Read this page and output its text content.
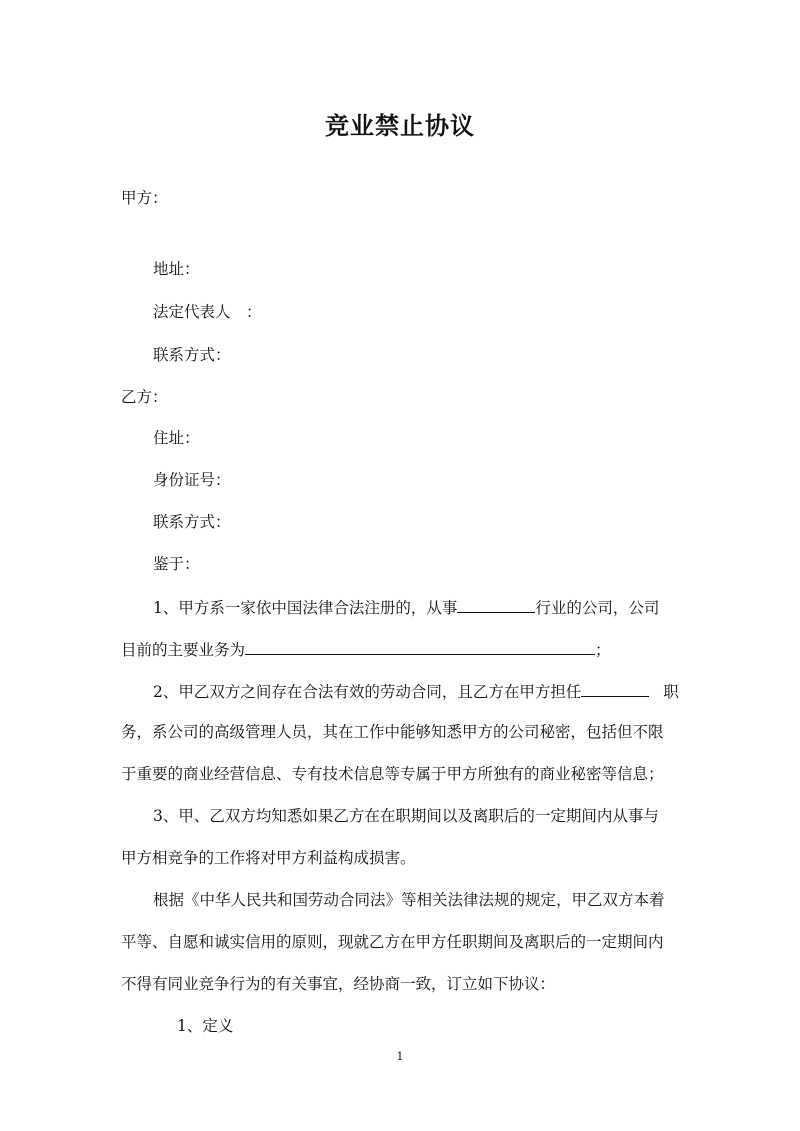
竞业禁止协议
甲方：
地址：
法定代表人　：
联系方式：
乙方：
住址：
身份证号：
联系方式：
鉴于：
1、甲方系一家依中国法律合法注册的，从事	行业的公司，公司
目前的主要业务为	；
2、甲乙双方之间存在合法有效的劳动合同，且乙方在甲方担任	职
务，系公司的高级管理人员，其在工作中能够知悉甲方的公司秘密，包括但不限
于重要的商业经营信息、专有技术信息等专属于甲方所独有的商业秘密等信息；
3、甲、乙双方均知悉如果乙方在在职期间以及离职后的一定期间内从事与
甲方相竞争的工作将对甲方利益构成损害。
根据《中华人民共和国劳动合同法》等相关法律法规的规定，甲乙双方本着
平等、自愿和诚实信用的原则，现就乙方在甲方任职期间及离职后的一定期间内
不得有同业竞争行为的有关事宜，经协商一致，订立如下协议：
1、定义
1
